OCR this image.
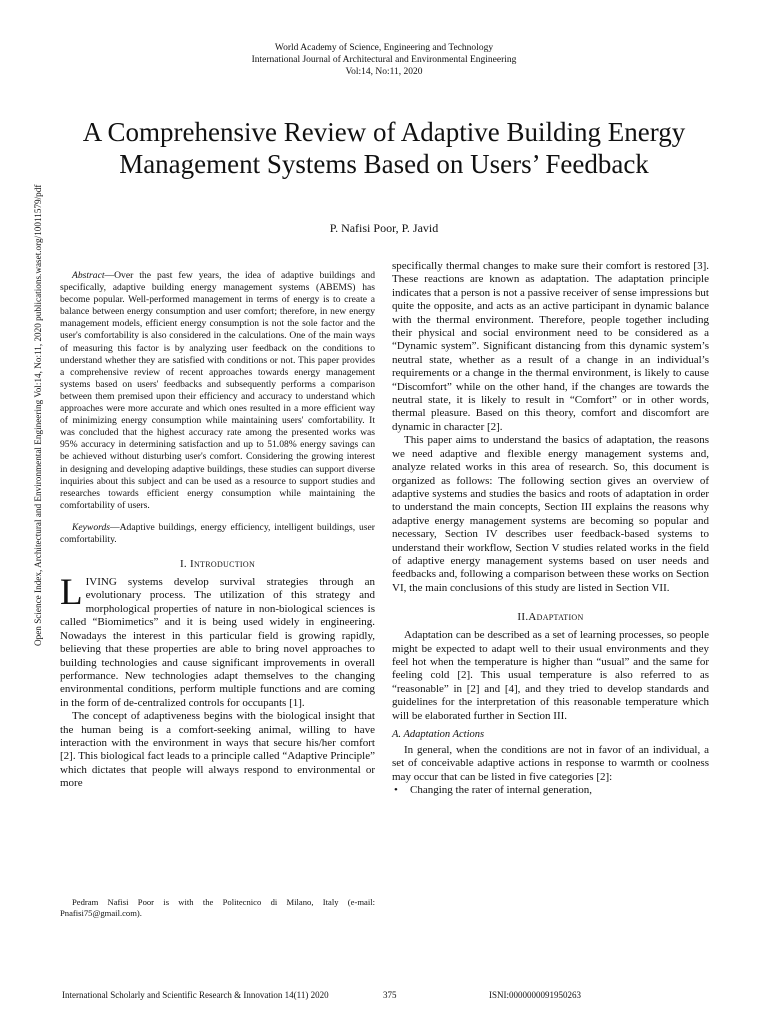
World Academy of Science, Engineering and Technology
International Journal of Architectural and Environmental Engineering
Vol:14, No:11, 2020
A Comprehensive Review of Adaptive Building Energy Management Systems Based on Users’ Feedback
P. Nafisi Poor, P. Javid
Open Science Index, Architectural and Environmental Engineering Vol:14, No:11, 2020 publications.waset.org/10011579/pdf	Abstract—Over the past few years, the idea of adaptive buildings and specifically, adaptive building energy management systems (ABEMS) has become popular. Well-performed management in terms of energy is to create a balance between energy consumption and user comfort; therefore, in new energy management models, efficient energy consumption is not the sole factor and the user's comfortability is also considered in the calculations. One of the main ways of measuring this factor is by analyzing user feedback on the conditions to understand whether they are satisfied with conditions or not. This paper provides a comprehensive review of recent approaches towards energy management systems based on users' feedbacks and subsequently performs a comparison between them premised upon their efficiency and accuracy to understand which approaches were more accurate and which ones resulted in a more efficient way of minimizing energy consumption while maintaining users' comfortability. It was concluded that the highest accuracy rate among the presented works was 95% accuracy in determining satisfaction and up to 51.08% energy savings can be achieved without disturbing user's comfort. Considering the growing interest in designing and developing adaptive buildings, these studies can support diverse inquiries about this subject and can be used as a resource to support studies and researches towards efficient energy consumption while maintaining the comfortability of users.

Keywords—Adaptive buildings, energy efficiency, intelligent buildings, user comfortability.

I. Introduction

LIVING systems develop survival strategies through an evolutionary process. The utilization of this strategy and morphological properties of nature in non-biological sciences is called “Biomimetics” and it is being used widely in engineering. Nowadays the interest in this particular field is growing rapidly, believing that these properties are able to bring novel approaches to building technologies and cause significant improvements in overall performance. New technologies adapt themselves to the changing environmental conditions, perform multiple functions and are coming in the form of de-centralized controls for occupants [1].

The concept of adaptiveness begins with the biological insight that the human being is a comfort-seeking animal, willing to have interaction with the environment in ways that secure his/her comfort [2]. This biological fact leads to a principle called “Adaptive Principle” which dictates that people will always respond to environmental or more

Pedram Nafisi Poor is with the Politecnico di Milano, Italy (e-mail: Pnafisi75@gmail.com).

specifically thermal changes to make sure their comfort is restored [3]. These reactions are known as adaptation. The adaptation principle indicates that a person is not a passive receiver of sense impressions but quite the opposite, and acts as an active participant in dynamic balance with the thermal environment. Therefore, people together including their physical and social environment need to be considered as a “Dynamic system”. Significant distancing from this dynamic system’s neutral state, whether as a result of a change in an individual’s requirements or a change in the thermal environment, is likely to cause “Discomfort” while on the other hand, if the changes are towards the neutral state, it is likely to result in “Comfort” or in other words, thermal pleasure. Based on this theory, comfort and discomfort are dynamic in character [2].

This paper aims to understand the basics of adaptation, the reasons we need adaptive and flexible energy management systems and, analyze related works in this area of research. So, this document is organized as follows: The following section gives an overview of adaptive systems and studies the basics and roots of adaptation in order to understand the main concepts, Section III explains the reasons why adaptive energy management systems are becoming so popular and necessary, Section IV describes user feedback-based systems to understand their workflow, Section V studies related works in the field of adaptive energy management systems based on user needs and feedbacks and, following a comparison between these works on Section VI, the main conclusions of this study are listed in Section VII.

II.Adaptation

Adaptation can be described as a set of learning processes, so people might be expected to adapt well to their usual environments and they feel hot when the temperature is higher than “usual” and the same for feeling cold [2]. This usual temperature is also referred to as “reasonable” in [2] and [4], and they tried to develop standards and guidelines for the interpretation of this reasonable temperature which will be elaborated further in Section III.

A. Adaptation Actions

In general, when the conditions are not in favor of an individual, a set of conceivable adaptive actions in response to warmth or coolness may occur that can be listed in five categories [2]:

• Changing the rater of internal generation,

International Scholarly and Scientific Research & Innovation 14(11) 2020	375	ISNI:0000000091950263
